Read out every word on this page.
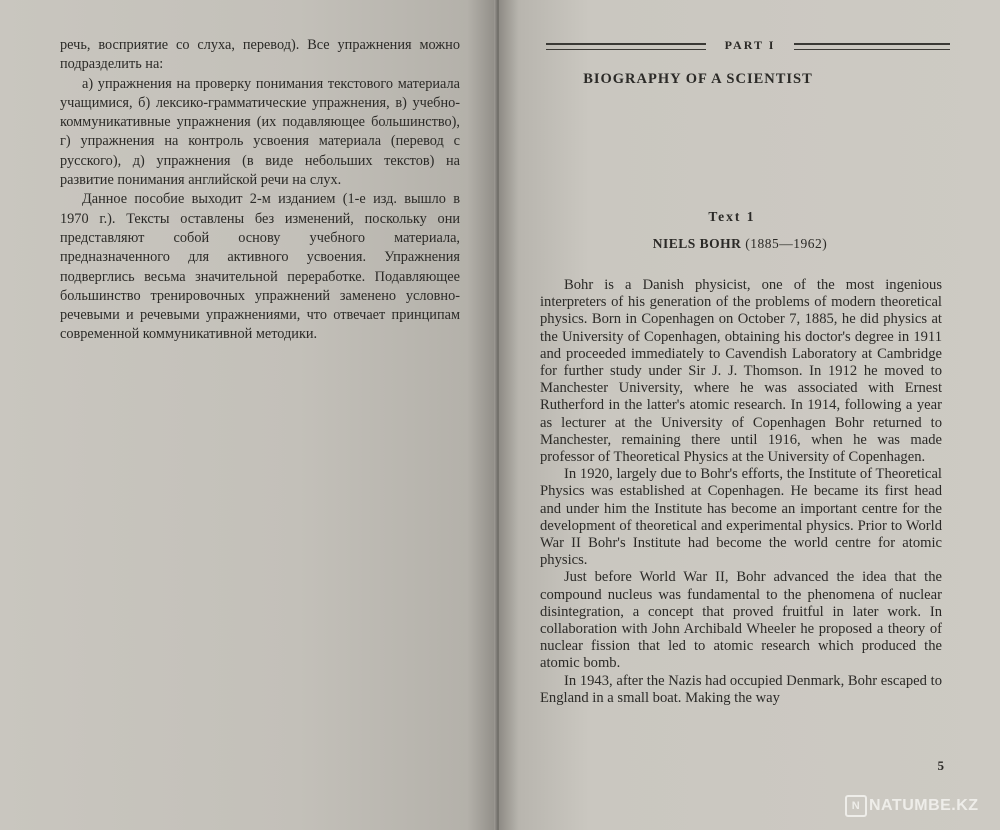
речь, восприятие со слуха, перевод). Все упражнения можно подразделить на:

а) упражнения на проверку понимания текстового материала учащимися, б) лексико-грамматические упражнения, в) учебно-коммуникативные упражнения (их подавляющее большинство), г) упражнения на контроль усвоения материала (перевод с русского), д) упражнения (в виде небольших текстов) на развитие понимания английской речи на слух.

Данное пособие выходит 2-м изданием (1-е изд. вышло в 1970 г.). Тексты оставлены без изменений, поскольку они представляют собой основу учебного материала, предназначенного для активного усвоения. Упражнения подверглись весьма значительной переработке. Подавляющее большинство тренировочных упражнений заменено условно-речевыми и речевыми упражнениями, что отвечает принципам современной коммуникативной методики.

PART I
BIOGRAPHY OF A SCIENTIST
Text 1
NIELS BOHR (1885—1962)

Bohr is a Danish physicist, one of the most ingenious interpreters of his generation of the problems of modern theoretical physics. Born in Copenhagen on October 7, 1885, he did physics at the University of Copenhagen, obtaining his doctor's degree in 1911 and proceeded immediately to Cavendish Laboratory at Cambridge for further study under Sir J. J. Thomson. In 1912 he moved to Manchester University, where he was associated with Ernest Rutherford in the latter's atomic research. In 1914, following a year as lecturer at the University of Copenhagen Bohr returned to Manchester, remaining there until 1916, when he was made professor of Theoretical Physics at the University of Copenhagen.

In 1920, largely due to Bohr's efforts, the Institute of Theoretical Physics was established at Copenhagen. He became its first head and under him the Institute has become an important centre for the development of theoretical and experimental physics. Prior to World War II Bohr's Institute had become the world centre for atomic physics.

Just before World War II, Bohr advanced the idea that the compound nucleus was fundamental to the phenomena of nuclear disintegration, a concept that proved fruitful in later work. In collaboration with John Archibald Wheeler he proposed a theory of nuclear fission that led to atomic research which produced the atomic bomb.

In 1943, after the Nazis had occupied Denmark, Bohr escaped to England in a small boat. Making the way

5
N NATUMBE.KZ
